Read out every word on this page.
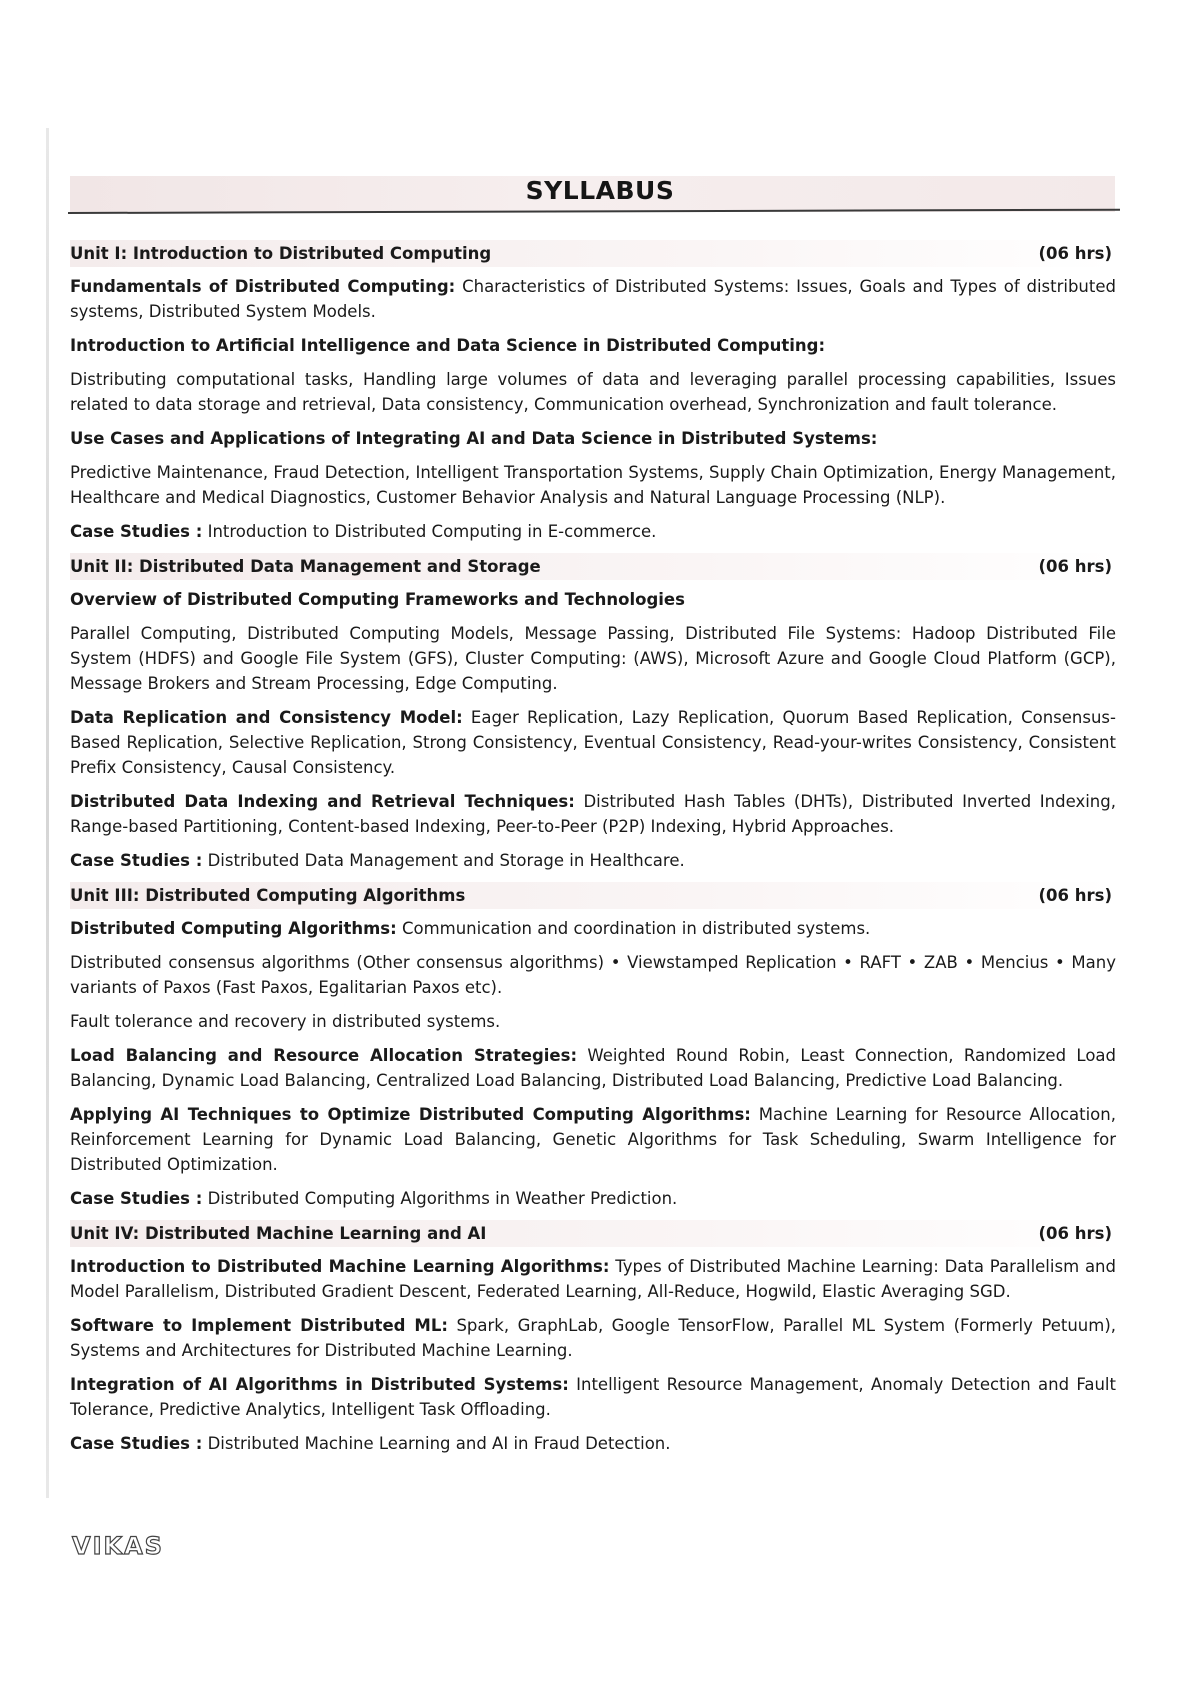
SYLLABUS
Unit I: Introduction to Distributed Computing	(06 hrs)

Fundamentals of Distributed Computing: Characteristics of Distributed Systems: Issues, Goals and Types of distributed systems, Distributed System Models.

Introduction to Artificial Intelligence and Data Science in Distributed Computing:

Distributing computational tasks, Handling large volumes of data and leveraging parallel processing capabilities, Issues related to data storage and retrieval, Data consistency, Communication overhead, Synchronization and fault tolerance.

Use Cases and Applications of Integrating AI and Data Science in Distributed Systems:

Predictive Maintenance, Fraud Detection, Intelligent Transportation Systems, Supply Chain Optimization, Energy Management, Healthcare and Medical Diagnostics, Customer Behavior Analysis and Natural Language Processing (NLP).

Case Studies : Introduction to Distributed Computing in E-commerce.

Unit II: Distributed Data Management and Storage	(06 hrs)

Overview of Distributed Computing Frameworks and Technologies

Parallel Computing, Distributed Computing Models, Message Passing, Distributed File Systems: Hadoop Distributed File System (HDFS) and Google File System (GFS), Cluster Computing: (AWS), Microsoft Azure and Google Cloud Platform (GCP), Message Brokers and Stream Processing, Edge Computing.

Data Replication and Consistency Model: Eager Replication, Lazy Replication, Quorum Based Replication, Consensus-Based Replication, Selective Replication, Strong Consistency, Eventual Consistency, Read-your-writes Consistency, Consistent Prefix Consistency, Causal Consistency.

Distributed Data Indexing and Retrieval Techniques: Distributed Hash Tables (DHTs), Distributed Inverted Indexing, Range-based Partitioning, Content-based Indexing, Peer-to-Peer (P2P) Indexing, Hybrid Approaches.

Case Studies : Distributed Data Management and Storage in Healthcare.

Unit III: Distributed Computing Algorithms	(06 hrs)

Distributed Computing Algorithms: Communication and coordination in distributed systems.

Distributed consensus algorithms (Other consensus algorithms) • Viewstamped Replication • RAFT • ZAB • Mencius • Many variants of Paxos (Fast Paxos, Egalitarian Paxos etc).

Fault tolerance and recovery in distributed systems.

Load Balancing and Resource Allocation Strategies: Weighted Round Robin, Least Connection, Randomized Load Balancing, Dynamic Load Balancing, Centralized Load Balancing, Distributed Load Balancing, Predictive Load Balancing.

Applying AI Techniques to Optimize Distributed Computing Algorithms: Machine Learning for Resource Allocation, Reinforcement Learning for Dynamic Load Balancing, Genetic Algorithms for Task Scheduling, Swarm Intelligence for Distributed Optimization.

Case Studies : Distributed Computing Algorithms in Weather Prediction.

Unit IV: Distributed Machine Learning and AI	(06 hrs)

Introduction to Distributed Machine Learning Algorithms: Types of Distributed Machine Learning: Data Parallelism and Model Parallelism, Distributed Gradient Descent, Federated Learning, All-Reduce, Hogwild, Elastic Averaging SGD.

Software to Implement Distributed ML: Spark, GraphLab, Google TensorFlow, Parallel ML System (Formerly Petuum), Systems and Architectures for Distributed Machine Learning.

Integration of AI Algorithms in Distributed Systems: Intelligent Resource Management, Anomaly Detection and Fault Tolerance, Predictive Analytics, Intelligent Task Offloading.

Case Studies : Distributed Machine Learning and AI in Fraud Detection.

VIKAS
